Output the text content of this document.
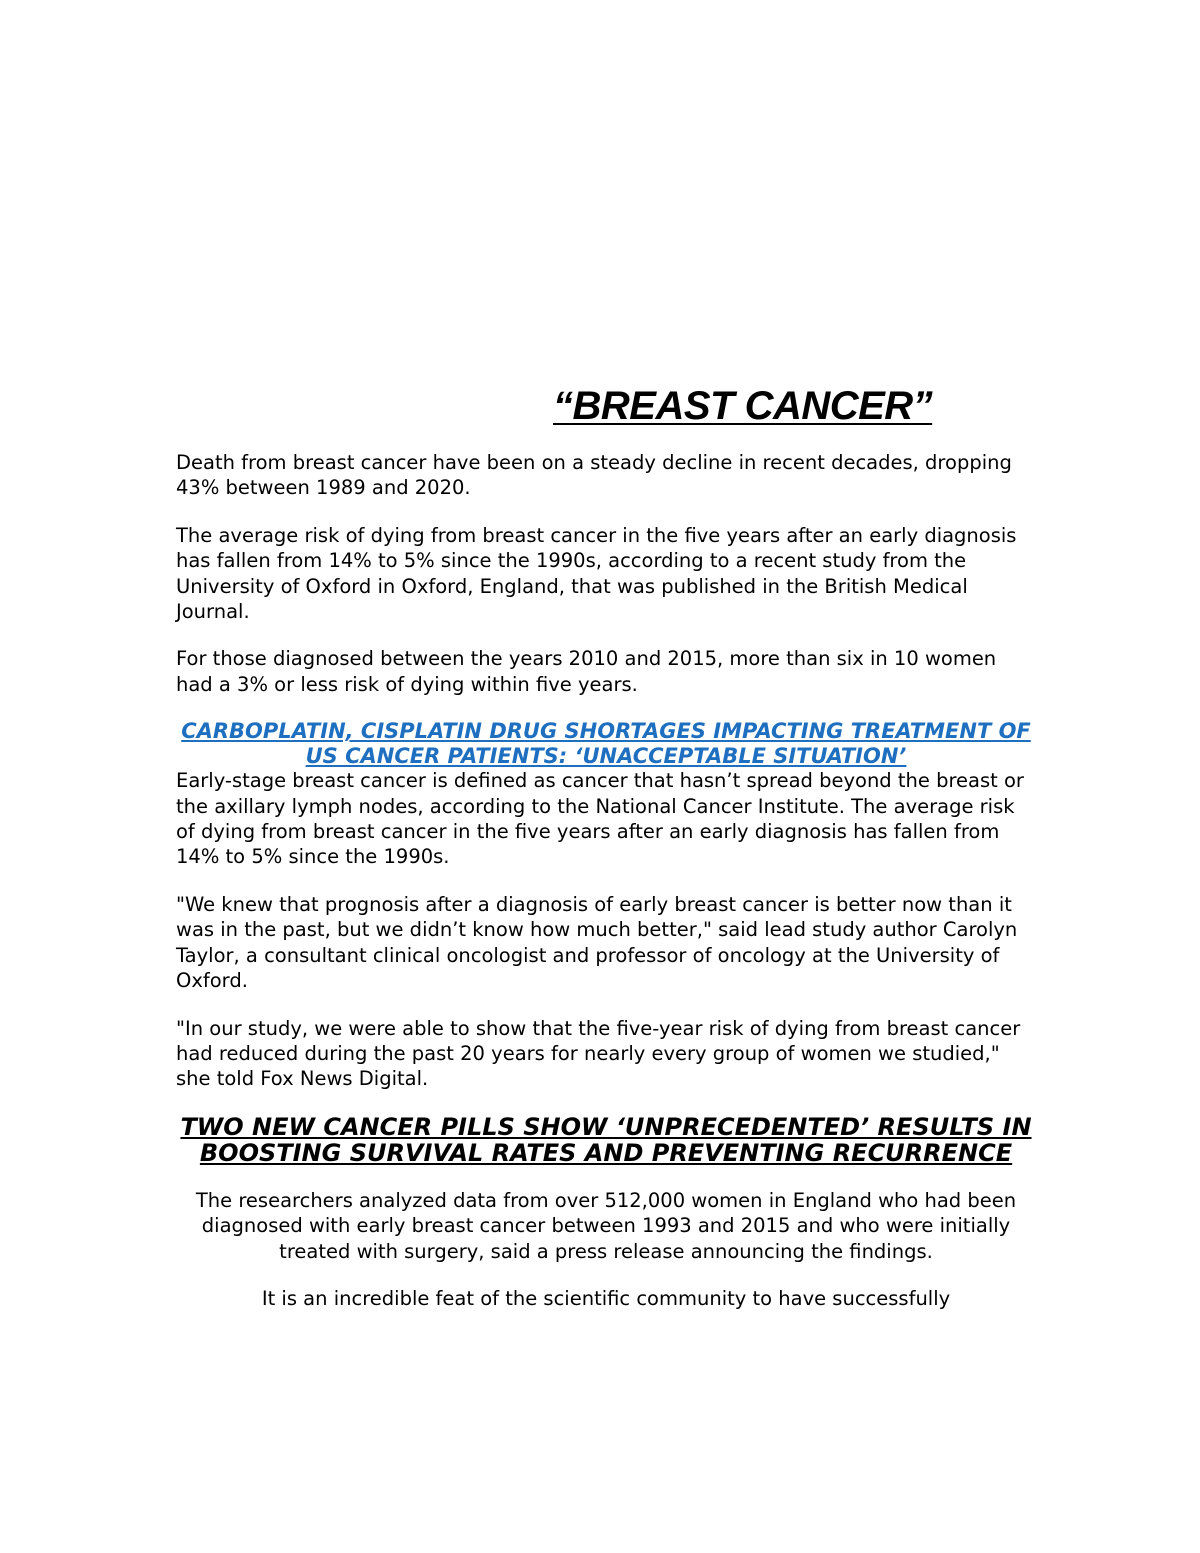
“BREAST CANCER”

Death from breast cancer have been on a steady decline in recent decades, dropping 43% between 1989 and 2020.

The average risk of dying from breast cancer in the five years after an early diagnosis has fallen from 14% to 5% since the 1990s, according to a recent study from the University of Oxford in Oxford, England, that was published in the British Medical Journal.

For those diagnosed between the years 2010 and 2015, more than six in 10 women had a 3% or less risk of dying within five years.

CARBOPLATIN, CISPLATIN DRUG SHORTAGES IMPACTING TREATMENT OF US CANCER PATIENTS: ‘UNACCEPTABLE SITUATION’

Early-stage breast cancer is defined as cancer that hasn’t spread beyond the breast or the axillary lymph nodes, according to the National Cancer Institute. The average risk of dying from breast cancer in the five years after an early diagnosis has fallen from 14% to 5% since the 1990s.

"We knew that prognosis after a diagnosis of early breast cancer is better now than it was in the past, but we didn’t know how much better," said lead study author Carolyn Taylor, a consultant clinical oncologist and professor of oncology at the University of Oxford.

"In our study, we were able to show that the five-year risk of dying from breast cancer had reduced during the past 20 years for nearly every group of women we studied," she told Fox News Digital.

TWO NEW CANCER PILLS SHOW ‘UNPRECEDENTED’ RESULTS IN BOOSTING SURVIVAL RATES AND PREVENTING RECURRENCE

The researchers analyzed data from over 512,000 women in England who had been diagnosed with early breast cancer between 1993 and 2015 and who were initially treated with surgery, said a press release announcing the findings.

It is an incredible feat of the scientific community to have successfully
